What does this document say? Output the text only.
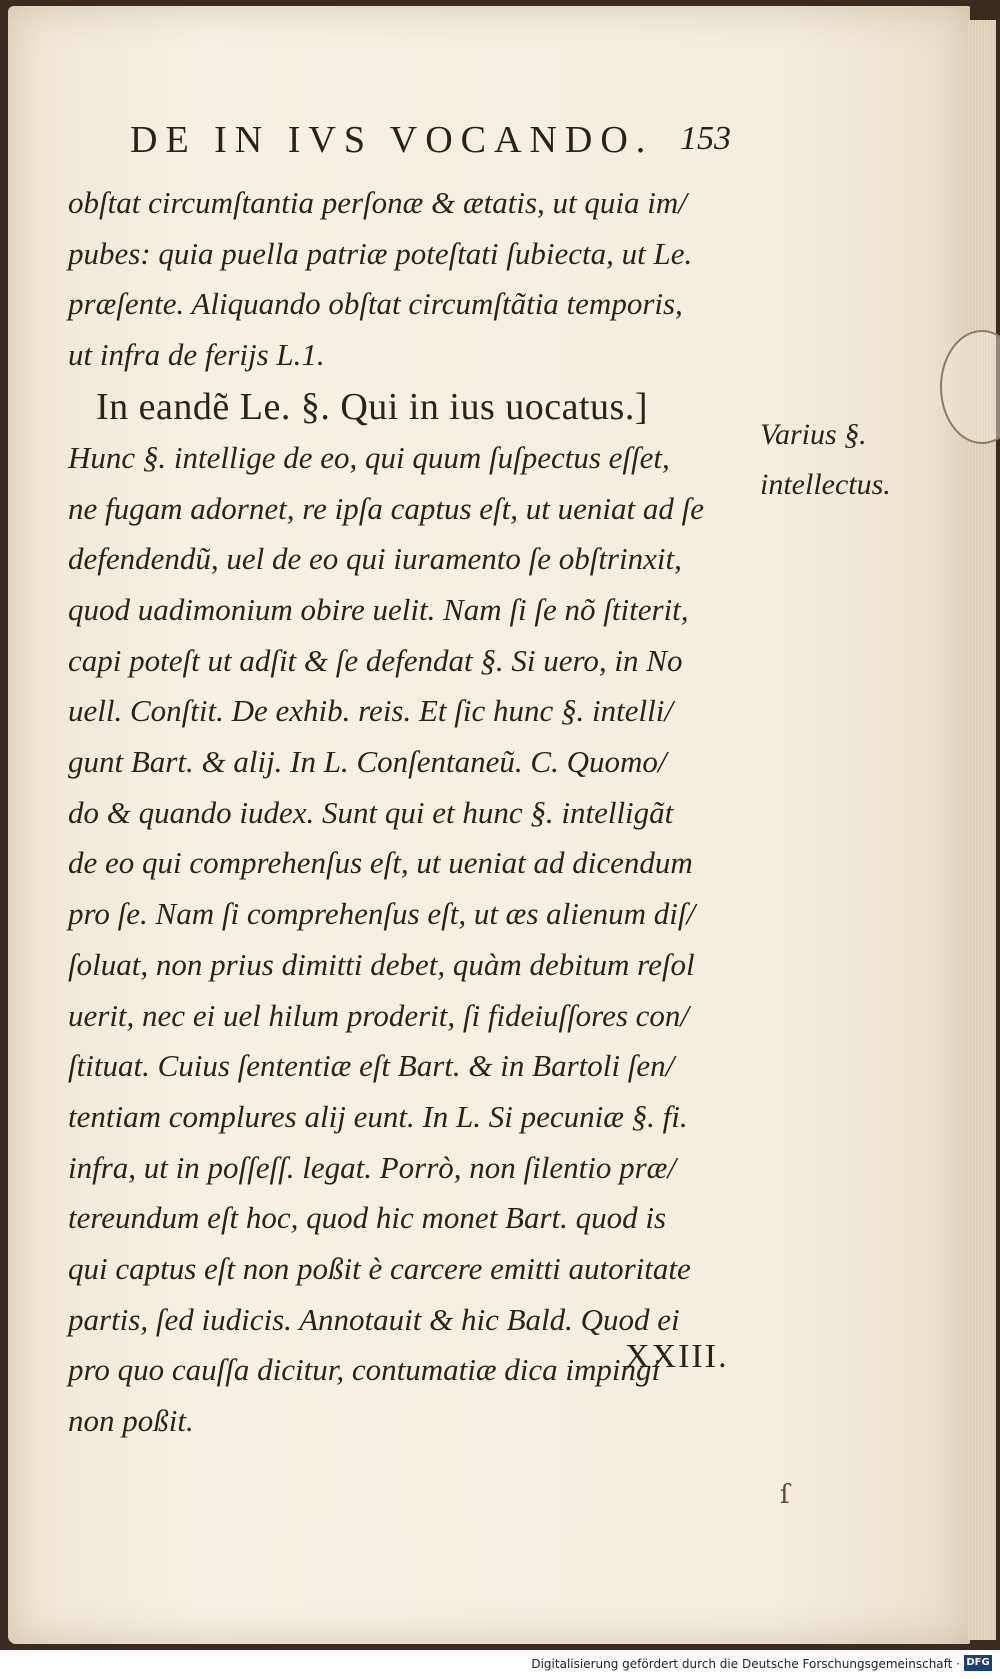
DE IN IVS VOCANDO. 153
obſtat circumſtantia perſonæ & ætatis, ut quia im/
pubes: quia puella patriæ poteſtati ſubiecta, ut Le.
præſente. Aliquando obſtat circumſtãtia temporis,
ut infra de ferijs L.1.
In eandẽ Le. §. Qui in ius uocatus.]
Hunc §. intellige de eo, qui quum ſuſpectus eſſet,
ne fugam adornet, re ipſa captus eſt, ut ueniat ad ſe
defendendũ, uel de eo qui iuramento ſe obſtrinxit,
quod uadimonium obire uelit. Nam ſi ſe nõ ſtiterit,
capi poteſt ut adſit & ſe defendat §. Si uero, in No
uell. Conſtit. De exhib. reis. Et ſic hunc §. intelli/
gunt Bart. & alij. In L. Conſentaneũ. C. Quomo/
do & quando iudex. Sunt qui et hunc §. intelligãt
de eo qui comprehenſus eſt, ut ueniat ad dicendum
pro ſe. Nam ſi comprehenſus eſt, ut æs alienum diſ/
ſoluat, non prius dimitti debet, quàm debitum reſol
uerit, nec ei uel hilum proderit, ſi fideiuſſores con/
ſtituat. Cuius ſententiæ eſt Bart. & in Bartoli ſen/
tentiam complures alij eunt. In L. Si pecuniæ §. fi.
infra, ut in poſſeſſ. legat. Porrò, non ſilentio præ/
tereundum eſt hoc, quod hic monet Bart. quod is
qui captus eſt non poßit è carcere emitti autoritate
partis, ſed iudicis. Annotauit & hic Bald. Quod ei
pro quo cauſſa dicitur, contumatiæ dica impingi
non poßit.
Varius §.
intellectus.
XXIII.
ſ
Digitalisierung gefördert durch die Deutsche Forschungsgemeinschaft · DFG
